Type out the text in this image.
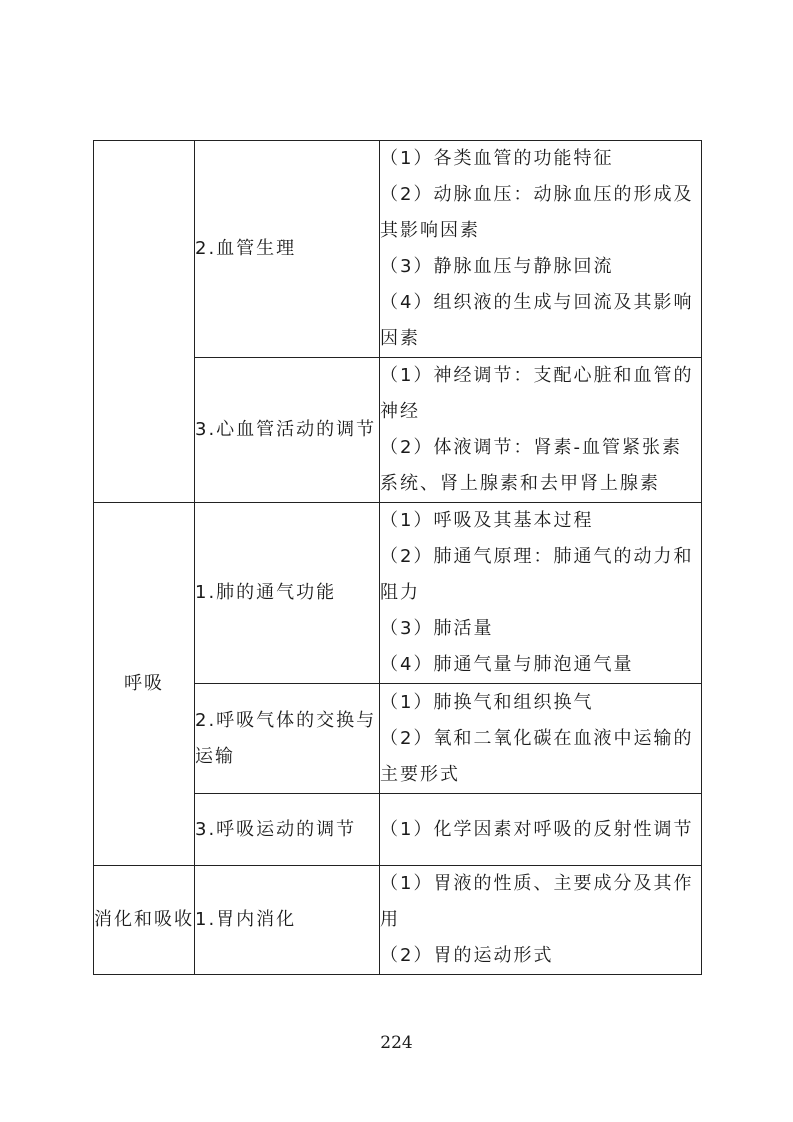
	2.血管生理	（1）各类血管的功能特征
（2）动脉血压：动脉血压的形成及其影响因素
（3）静脉血压与静脉回流
（4）组织液的生成与回流及其影响因素

	3.心血管活动的调节	（1）神经调节：支配心脏和血管的神经
（2）体液调节：肾素-血管紧张素系统、肾上腺素和去甲肾上腺素

呼吸	1.肺的通气功能	（1）呼吸及其基本过程
（2）肺通气原理：肺通气的动力和阻力
（3）肺活量
（4）肺通气量与肺泡通气量

	2.呼吸气体的交换与运输	（1）肺换气和组织换气
（2）氧和二氧化碳在血液中运输的主要形式

	3.呼吸运动的调节	（1）化学因素对呼吸的反射性调节

消化和吸收	1.胃内消化	（1）胃液的性质、主要成分及其作用
（2）胃的运动形式
224
